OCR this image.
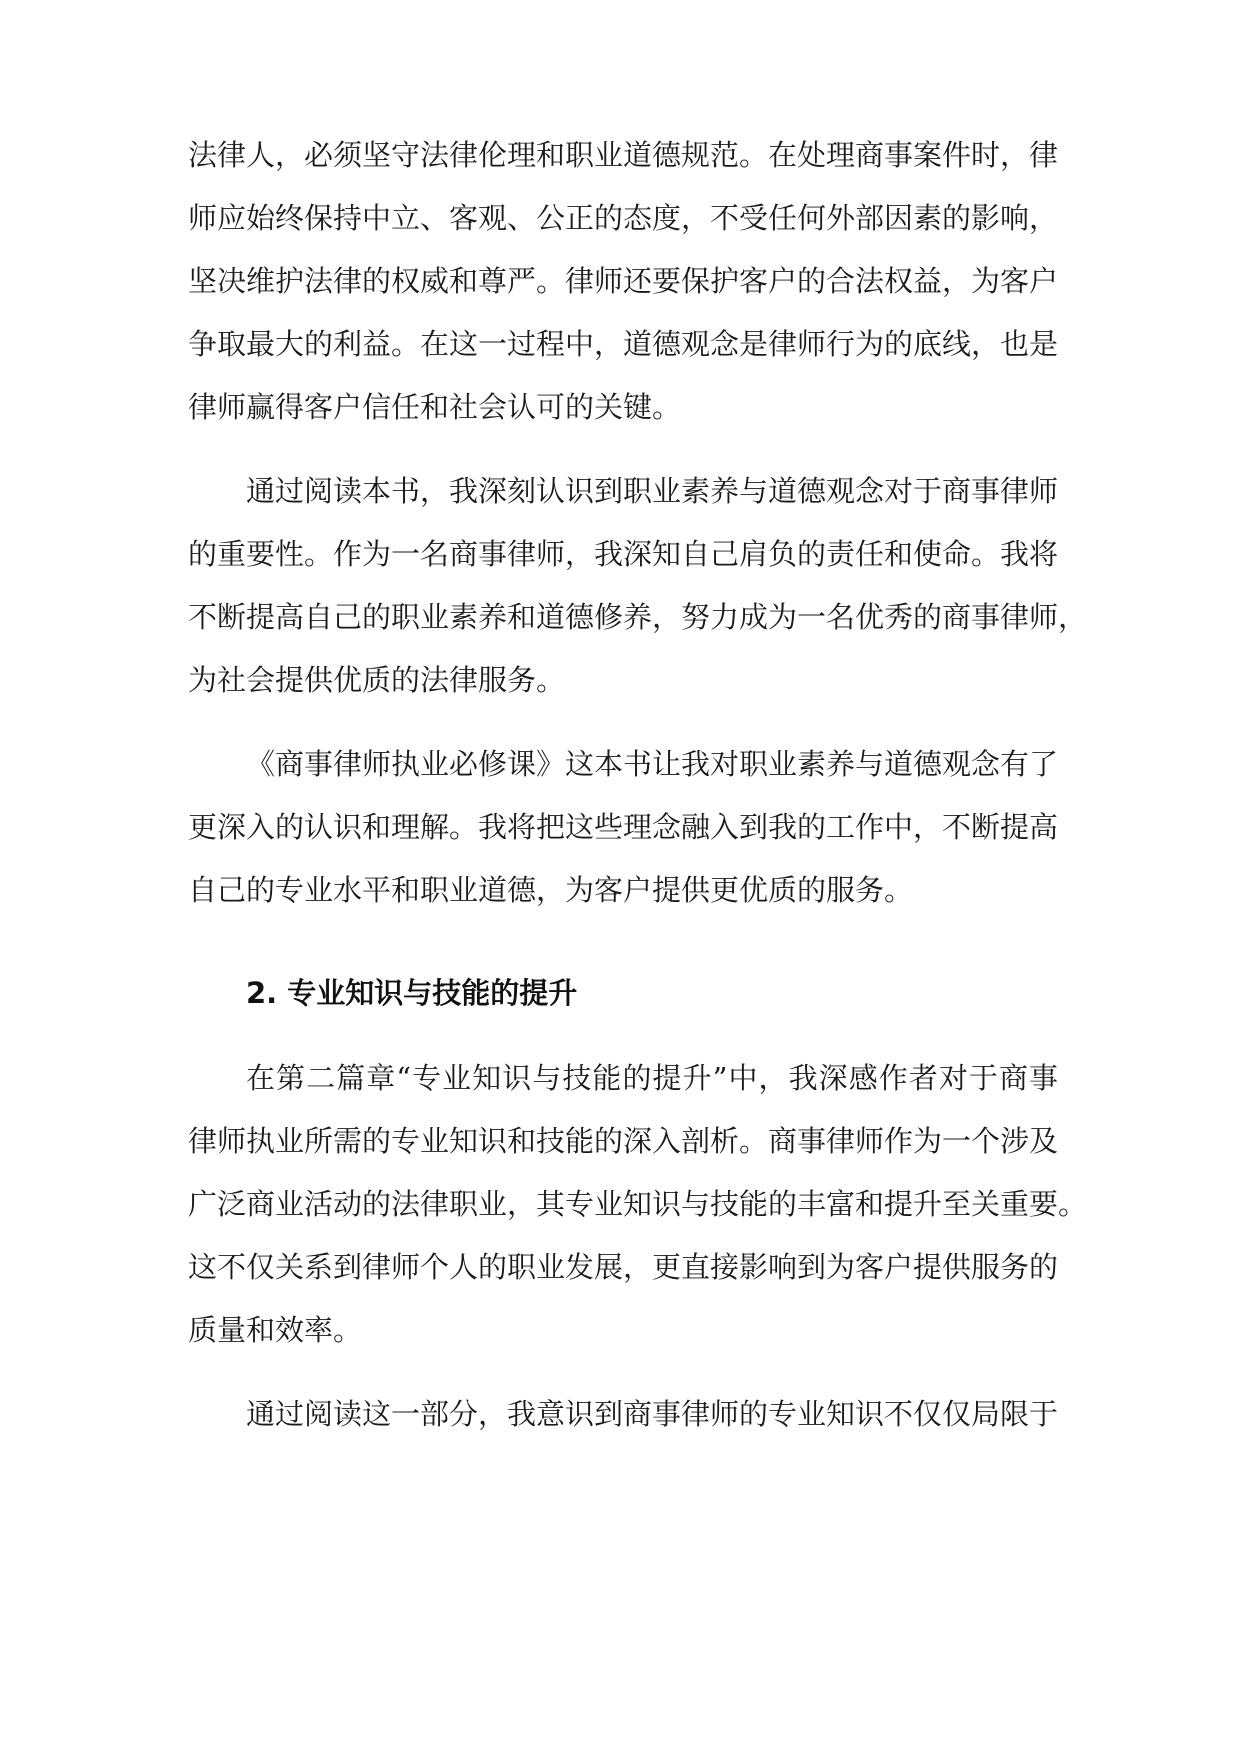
法律人，必须坚守法律伦理和职业道德规范。在处理商事案件时，律
师应始终保持中立、客观、公正的态度，不受任何外部因素的影响，
坚决维护法律的权威和尊严。律师还要保护客户的合法权益，为客户
争取最大的利益。在这一过程中，道德观念是律师行为的底线，也是
律师赢得客户信任和社会认可的关键。
通过阅读本书，我深刻认识到职业素养与道德观念对于商事律师
的重要性。作为一名商事律师，我深知自己肩负的责任和使命。我将
不断提高自己的职业素养和道德修养，努力成为一名优秀的商事律师，
为社会提供优质的法律服务。
《商事律师执业必修课》这本书让我对职业素养与道德观念有了
更深入的认识和理解。我将把这些理念融入到我的工作中，不断提高
自己的专业水平和职业道德，为客户提供更优质的服务。
2. 专业知识与技能的提升
在第二篇章“专业知识与技能的提升”中，我深感作者对于商事
律师执业所需的专业知识和技能的深入剖析。商事律师作为一个涉及
广泛商业活动的法律职业，其专业知识与技能的丰富和提升至关重要。
这不仅关系到律师个人的职业发展，更直接影响到为客户提供服务的
质量和效率。
通过阅读这一部分，我意识到商事律师的专业知识不仅仅局限于
